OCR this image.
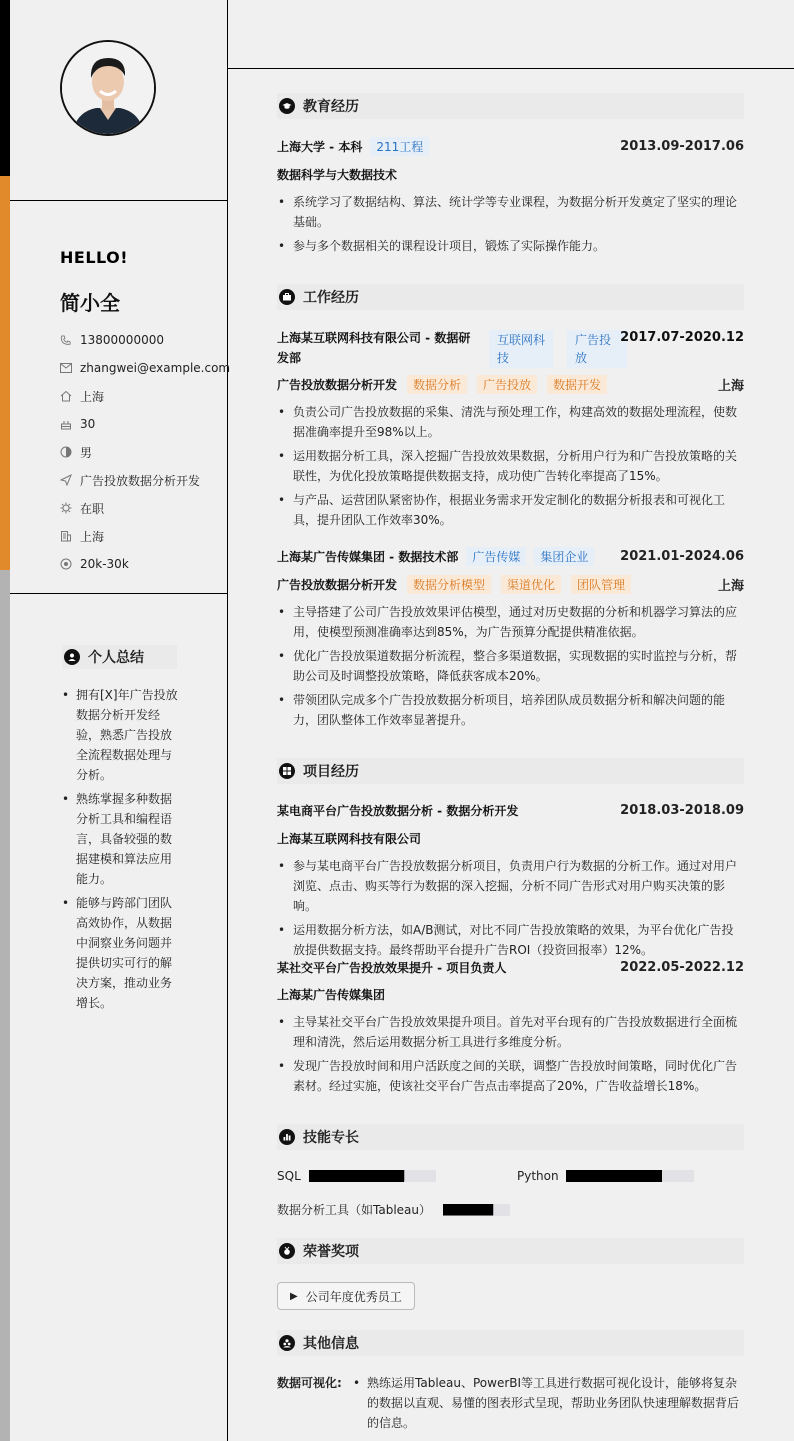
HELLO!
简小全
13800000000
zhangwei@example.com
上海
30
男
广告投放数据分析开发
在职
上海
20k-30k
个人总结
• 拥有[X]年广告投放数据分析开发经验，熟悉广告投放全流程数据处理与分析。
• 熟练掌握多种数据分析工具和编程语言，具备较强的数据建模和算法应用能力。
• 能够与跨部门团队高效协作，从数据中洞察业务问题并提供切实可行的解决方案，推动业务增长。
教育经历
上海大学 - 本科	211工程	2013.09-2017.06
数据科学与大数据技术
• 系统学习了数据结构、算法、统计学等专业课程，为数据分析开发奠定了坚实的理论基础。
• 参与多个数据相关的课程设计项目，锻炼了实际操作能力。
工作经历
上海某互联网科技有限公司 - 数据研
发部
互联网科
技
广告投
放
2017.07-2020.12
广告投放数据分析开发	数据分析	广告投放	数据开发	上海
• 负责公司广告投放数据的采集、清洗与预处理工作，构建高效的数据处理流程，使数据准确率提升至98%以上。
• 运用数据分析工具，深入挖掘广告投放效果数据，分析用户行为和广告投放策略的关联性，为优化投放策略提供数据支持，成功使广告转化率提高了15%。
• 与产品、运营团队紧密协作，根据业务需求开发定制化的数据分析报表和可视化工具，提升团队工作效率30%。
上海某广告传媒集团 - 数据技术部	广告传媒	集团企业	2021.01-2024.06
广告投放数据分析开发	数据分析模型	渠道优化	团队管理	上海
• 主导搭建了公司广告投放效果评估模型，通过对历史数据的分析和机器学习算法的应用，使模型预测准确率达到85%，为广告预算分配提供精准依据。
• 优化广告投放渠道数据分析流程，整合多渠道数据，实现数据的实时监控与分析，帮助公司及时调整投放策略，降低获客成本20%。
• 带领团队完成多个广告投放数据分析项目，培养团队成员数据分析和解决问题的能力，团队整体工作效率显著提升。
项目经历
某电商平台广告投放数据分析 - 数据分析开发	2018.03-2018.09
上海某互联网科技有限公司
• 参与某电商平台广告投放数据分析项目，负责用户行为数据的分析工作。通过对用户浏览、点击、购买等行为数据的深入挖掘，分析不同广告形式对用户购买决策的影响。
• 运用数据分析方法，如A/B测试，对比不同广告投放策略的效果，为平台优化广告投放提供数据支持。最终帮助平台提升广告ROI（投资回报率）12%。
某社交平台广告投放效果提升 - 项目负责人	2022.05-2022.12
上海某广告传媒集团
• 主导某社交平台广告投放效果提升项目。首先对平台现有的广告投放数据进行全面梳理和清洗，然后运用数据分析工具进行多维度分析。
• 发现广告投放时间和用户活跃度之间的关联，调整广告投放时间策略，同时优化广告素材。经过实施，使该社交平台广告点击率提高了20%，广告收益增长18%。
技能专长
SQL	Python
数据分析工具（如Tableau）
荣誉奖项
▶ 公司年度优秀员工
其他信息
数据可视化:
•	熟练运用Tableau、PowerBI等工具进行数据可视化设计，能够将复杂的数据以直观、易懂的图表形式呈现，帮助业务团队快速理解数据背后的信息。
